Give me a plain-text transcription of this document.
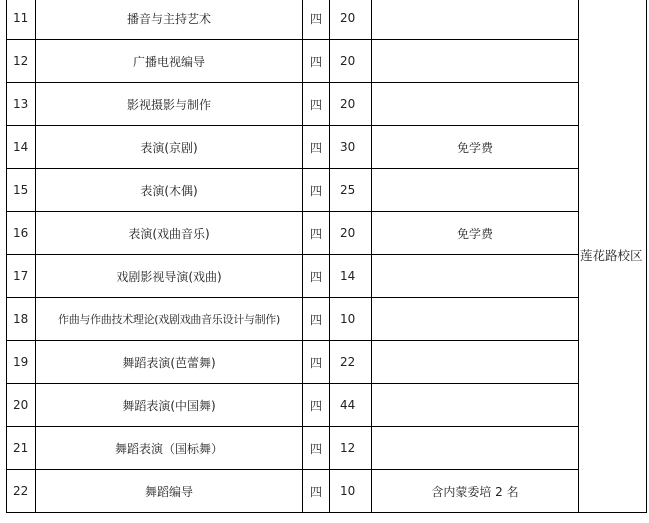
11	播音与主持艺术	四	20		莲花路校区
12	广播电视编导	四	20		
13	影视摄影与制作	四	20		
14	表演(京剧)	四	30	免学费	
15	表演(木偶)	四	25		
16	表演(戏曲音乐)	四	20	免学费	
17	戏剧影视导演(戏曲)	四	14		
18	作曲与作曲技术理论(戏剧戏曲音乐设计与制作)	四	10		
19	舞蹈表演(芭蕾舞)	四	22		
20	舞蹈表演(中国舞)	四	44		
21	舞蹈表演（国标舞）	四	12		
22	舞蹈编导	四	10	含内蒙委培 2 名	
